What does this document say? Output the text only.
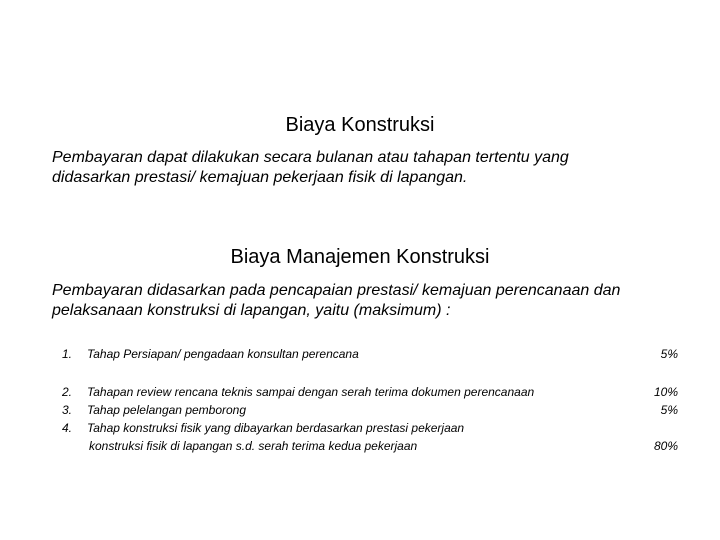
Biaya Konstruksi
Pembayaran dapat dilakukan secara bulanan atau tahapan tertentu yang
didasarkan prestasi/ kemajuan pekerjaan fisik di lapangan.
Biaya Manajemen Konstruksi
Pembayaran didasarkan pada pencapaian prestasi/ kemajuan perencanaan dan
pelaksanaan konstruksi di lapangan, yaitu (maksimum) :
1. Tahap Persiapan/ pengadaan konsultan perencana	5%
2. Tahapan review rencana teknis sampai dengan serah terima dokumen perencanaan	10%
3. Tahap pelelangan pemborong	5%
4. Tahap konstruksi fisik yang dibayarkan berdasarkan prestasi pekerjaan
konstruksi fisik di lapangan s.d. serah terima kedua pekerjaan	80%
